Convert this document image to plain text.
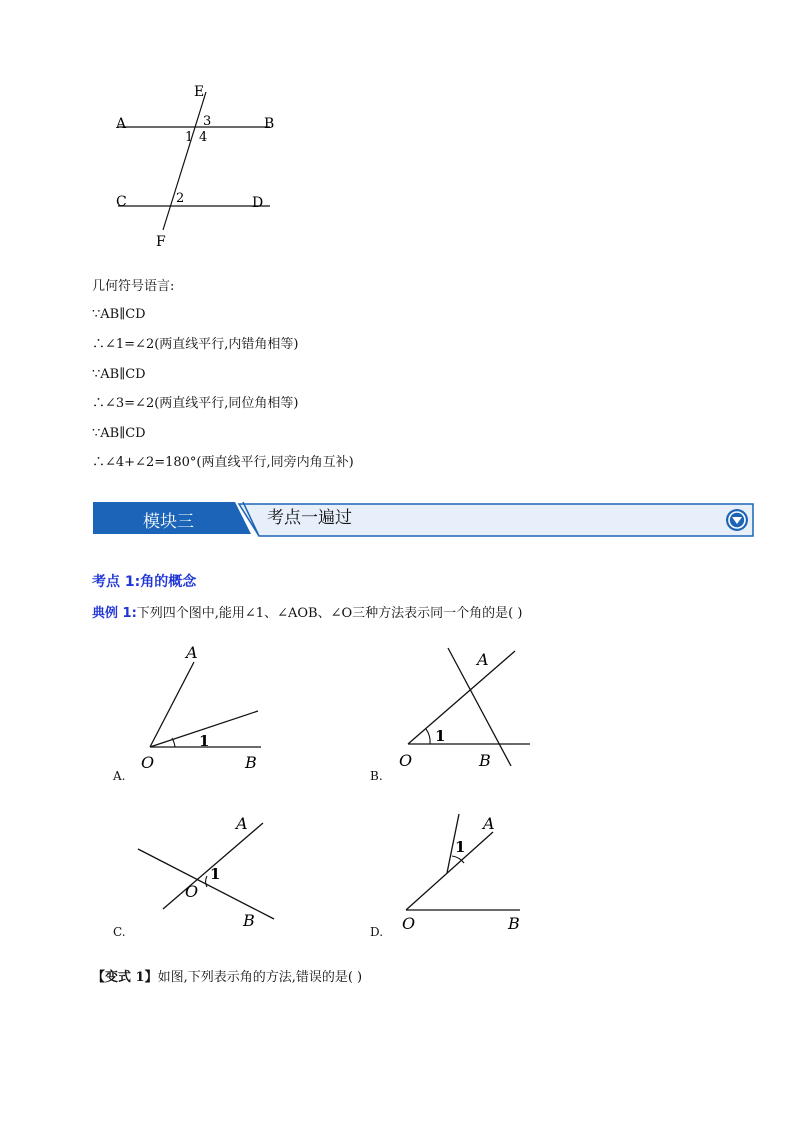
E
A	B
3
1 4
C	2	D
F
几何符号语言:
∵AB∥CD
∴∠1=∠2(两直线平行,内错角相等)
∵AB∥CD
∴∠3=∠2(两直线平行,同位角相等)
∵AB∥CD
∴∠4+∠2=180°(两直线平行,同旁内角互补)
模块三	考点一遍过
考点 1:角的概念
典例 1:下列四个图中,能用∠1、∠AOB、∠O三种方法表示同一个角的是( )
A
1
O	B
A.
A
1
O	B
B.
A
1
O
B
C.
A
1
O	B
D.
【变式 1】如图,下列表示角的方法,错误的是( )
